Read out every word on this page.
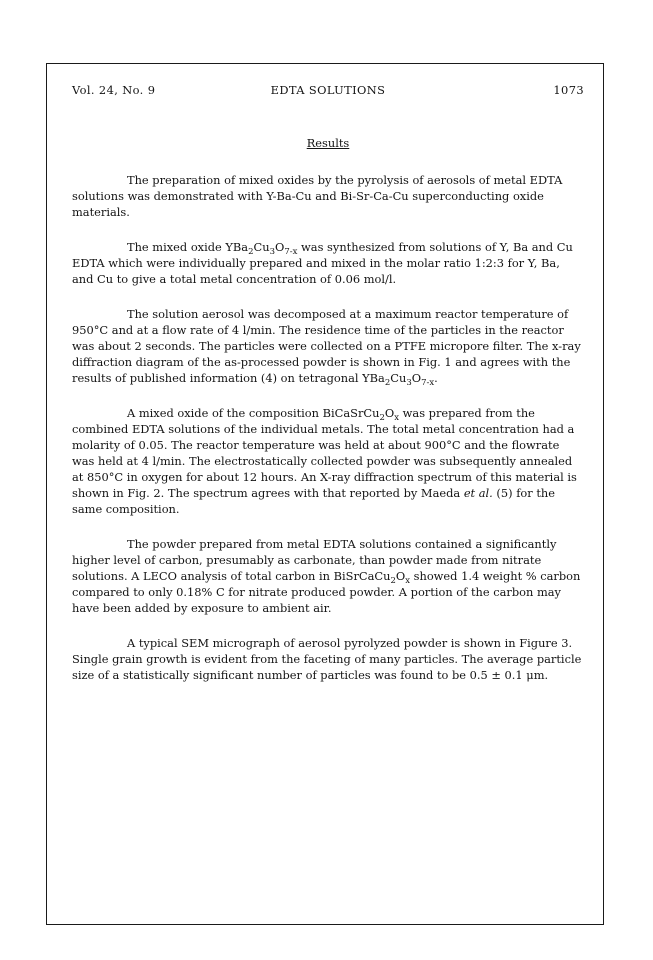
Vol. 24, No. 9	EDTA SOLUTIONS	1073
Results

The preparation of mixed oxides by the pyrolysis of aerosols of metal EDTA solutions was demonstrated with Y-Ba-Cu and Bi-Sr-Ca-Cu superconducting oxide materials.

The mixed oxide $YBa_2Cu_3O_{7-x}$ was synthesized from solutions of Y, Ba and Cu EDTA which were individually prepared and mixed in the molar ratio 1:2:3 for Y, Ba, and Cu to give a total metal concentration of 0.06 mol/l.

The solution aerosol was decomposed at a maximum reactor temperature of 950°C and at a flow rate of 4 l/min. The residence time of the particles in the reactor was about 2 seconds. The particles were collected on a PTFE micropore filter. The x-ray diffraction diagram of the as-processed powder is shown in Fig. 1 and agrees with the results of published information (4) on tetragonal $YBa_2Cu_3O_{7-x}$.

A mixed oxide of the composition $BiCaSrCu_2O_x$ was prepared from the combined EDTA solutions of the individual metals. The total metal concentration had a molarity of 0.05. The reactor temperature was held at about 900°C and the flowrate was held at 4 l/min. The electrostatically collected powder was subsequently annealed at 850°C in oxygen for about 12 hours. An X-ray diffraction spectrum of this material is shown in Fig. 2. The spectrum agrees with that reported by Maeda et al. (5) for the same composition.

The powder prepared from metal EDTA solutions contained a significantly higher level of carbon, presumably as carbonate, than powder made from nitrate solutions. A LECO analysis of total carbon in $BiSrCaCu_2O_x$ showed 1.4 weight % carbon compared to only 0.18% C for nitrate produced powder. A portion of the carbon may have been added by exposure to ambient air.

A typical SEM micrograph of aerosol pyrolyzed powder is shown in Figure 3. Single grain growth is evident from the faceting of many particles. The average particle size of a statistically significant number of particles was found to be 0.5 ± 0.1 μm.
